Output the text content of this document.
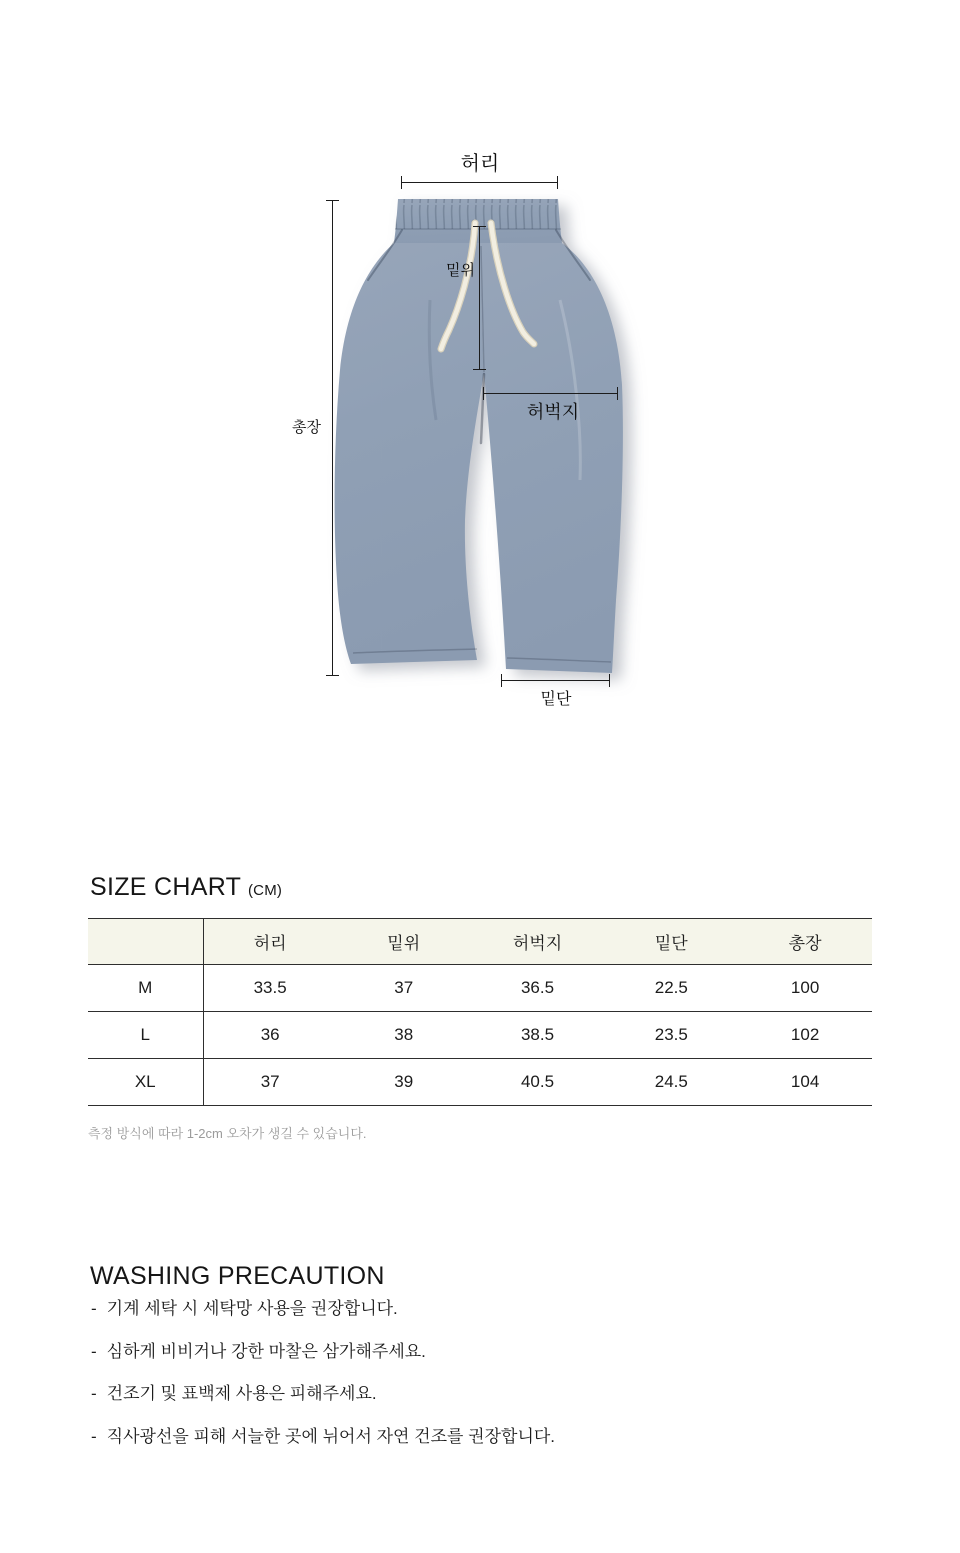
허리
총장
밑위
허벅지
밑단
SIZE CHART (CM)
	허리	밑위	허벅지	밑단	총장
M	33.5	37	36.5	22.5	100
L	36	38	38.5	23.5	102
XL	37	39	40.5	24.5	104
측정 방식에 따라 1-2cm 오차가 생길 수 있습니다.
WASHING PRECAUTION
- 기계 세탁 시 세탁망 사용을 권장합니다.
- 심하게 비비거나 강한 마찰은 삼가해주세요.
- 건조기 및 표백제 사용은 피해주세요.
- 직사광선을 피해 서늘한 곳에 뉘어서 자연 건조를 권장합니다.
